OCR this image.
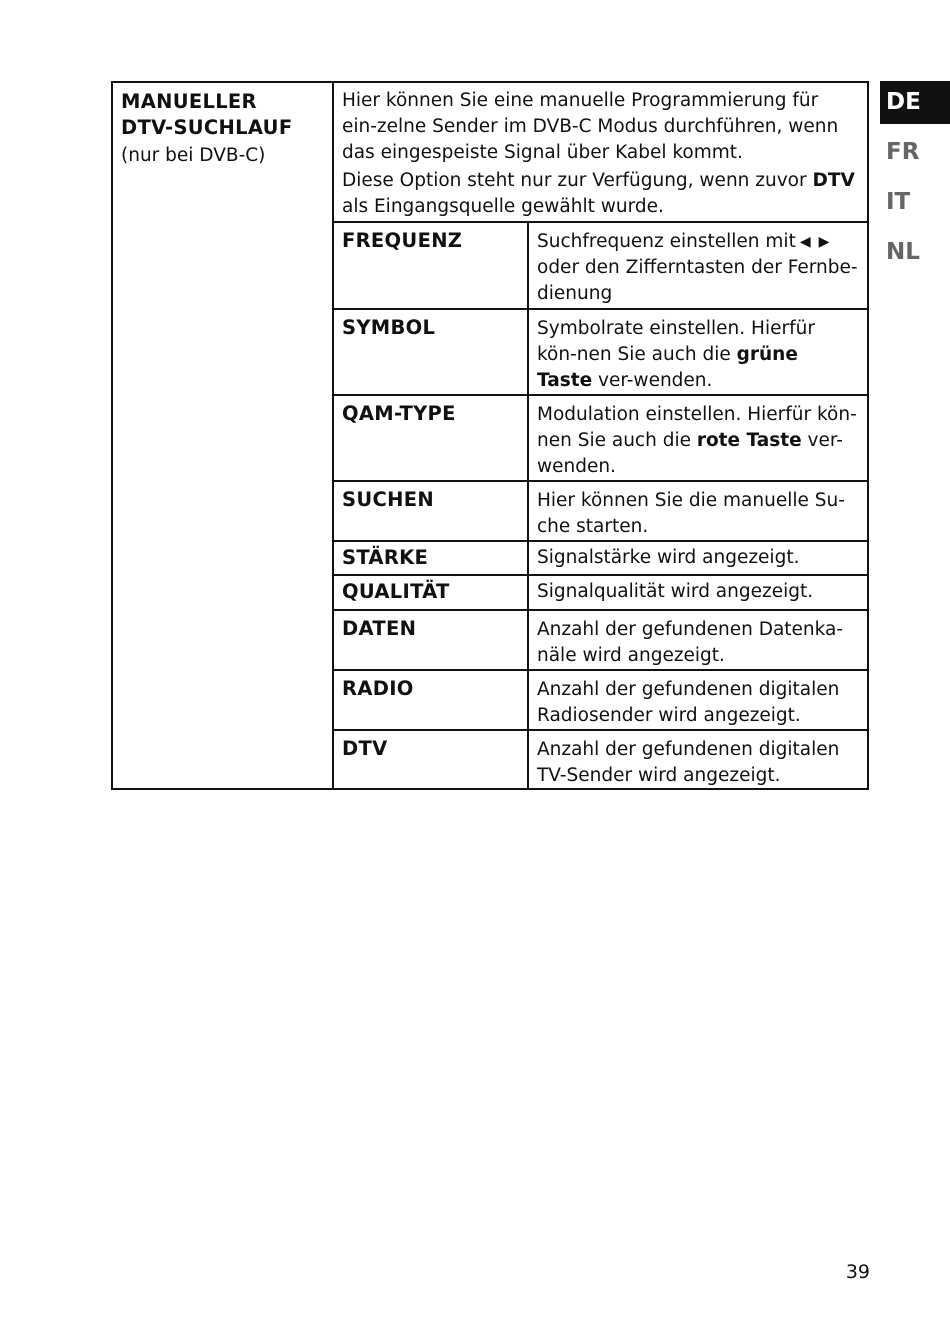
MANUELLER
DTV-SUCHLAUF
(nur bei DVB-C)

Hier können Sie eine manuelle Programmierung für ein-zelne Sender im DVB-C Modus durchführen, wenn das eingespeiste Signal über Kabel kommt.

Diese Option steht nur zur Verfügung, wenn zuvor DTV als Eingangsquelle gewählt wurde.

FREQUENZ	Suchfrequenz einstellen mit ◀ ▶
oder den Zifferntasten der Fernbe-dienung
SYMBOL	Symbolrate einstellen. Hierfür kön-nen Sie auch die grüne Taste ver-wenden.
QAM-TYPE	Modulation einstellen. Hierfür kön-nen Sie auch die rote Taste ver-wenden.
SUCHEN	Hier können Sie die manuelle Su-che starten.
STÄRKE	Signalstärke wird angezeigt.
QUALITÄT	Signalqualität wird angezeigt.
DATEN	Anzahl der gefundenen Datenka-näle wird angezeigt.
RADIO	Anzahl der gefundenen digitalen Radiosender wird angezeigt.
DTV	Anzahl der gefundenen digitalen TV-Sender wird angezeigt.
DE
FR
IT
NL
39
